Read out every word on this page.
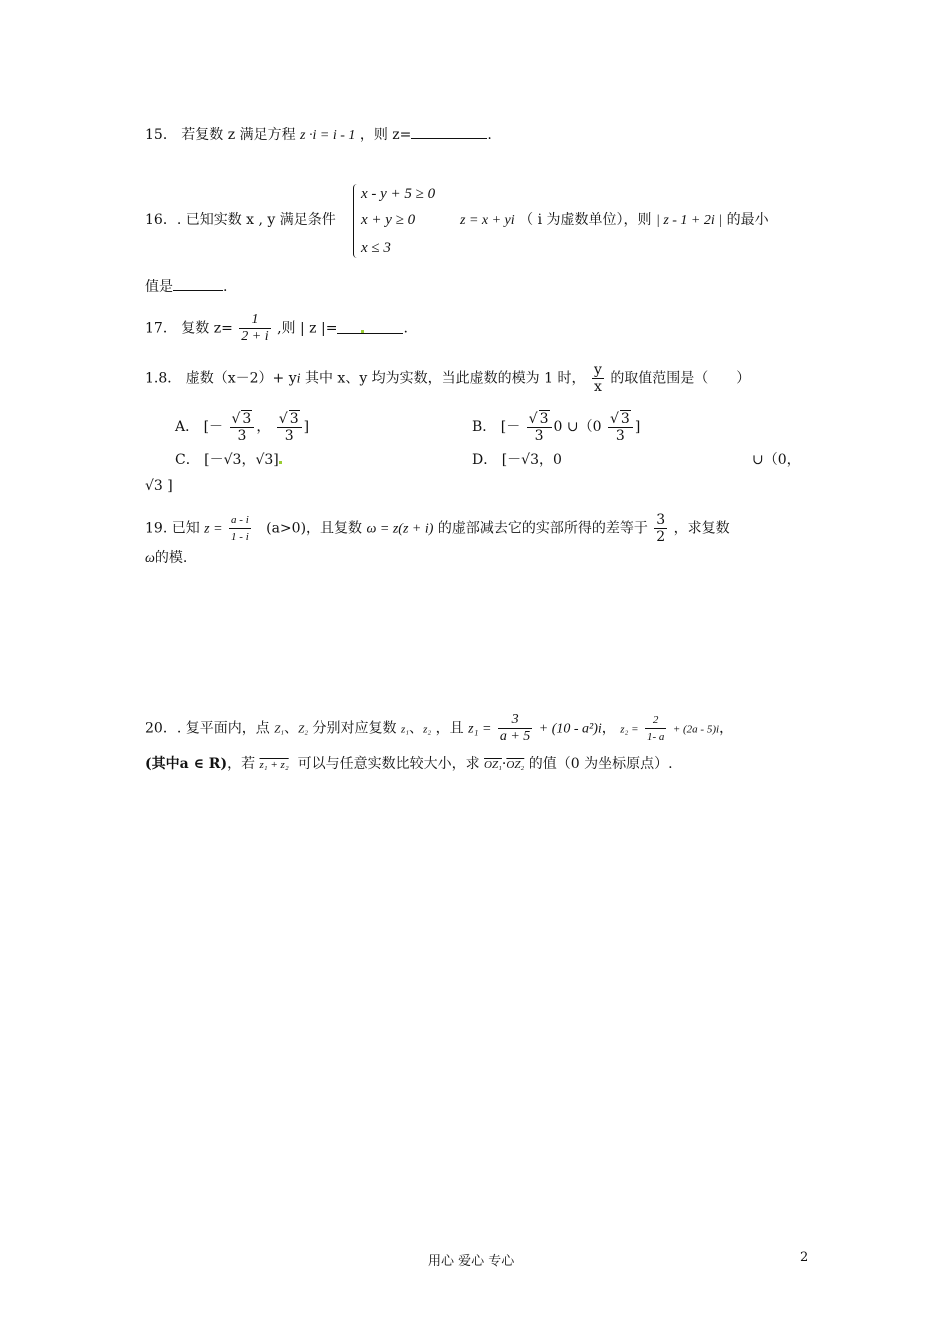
15． 若复数 z 满足方程 z ·i = i - 1 ，则 z=	.
16．. 已知实数 x , y 满足条件
x - y + 5 ≥ 0
x + y ≥ 0
x ≤ 3
z = x + yi （ i 为虚数单位），则 | z - 1 + 2i | 的最小
值是	.
17． 复数 $z= \frac{1}{2 + i}$ ,则 | z |=	.
1.8． 虚数（x－2）+ yi 其中 x、y 均为实数，当此虚数的模为 1 时， $\frac{y}{x}$ 的取值范围是（　　）
A． [－ $\frac{√ 3}{3}$ ， $\frac{√ 3}{3}$ ]	B． [－ $\frac{√ 3}{3} 0$ ∪（0 $\frac{√ 3}{3}$ ]
C． [－√3，√3]	D． [－√3，0	∪（0，
√3 ]
19. 已知 $z = \frac{a - i}{1 - i} (a>0)$，且复数 ω = z(z + i) 的虚部减去它的实部所得的差等于 $\frac{3}{2}$ ，求复数
ω的模.
20．. 复平面内，点 Z₁、Z₂ 分别对应复数 z₁、z₂ ，且 $z_1 = \frac{3}{a + 5} + (10 - a^2)i$， $z_2 = \frac{2}{1- a} + (2a - 5)i$，
(其中a ∈ R)，若 z₁ + z₂ 可以与任意实数比较大小，求 OZ₁·OZ₂ 的值（0 为坐标原点）.
用心 爱心 专心	2
